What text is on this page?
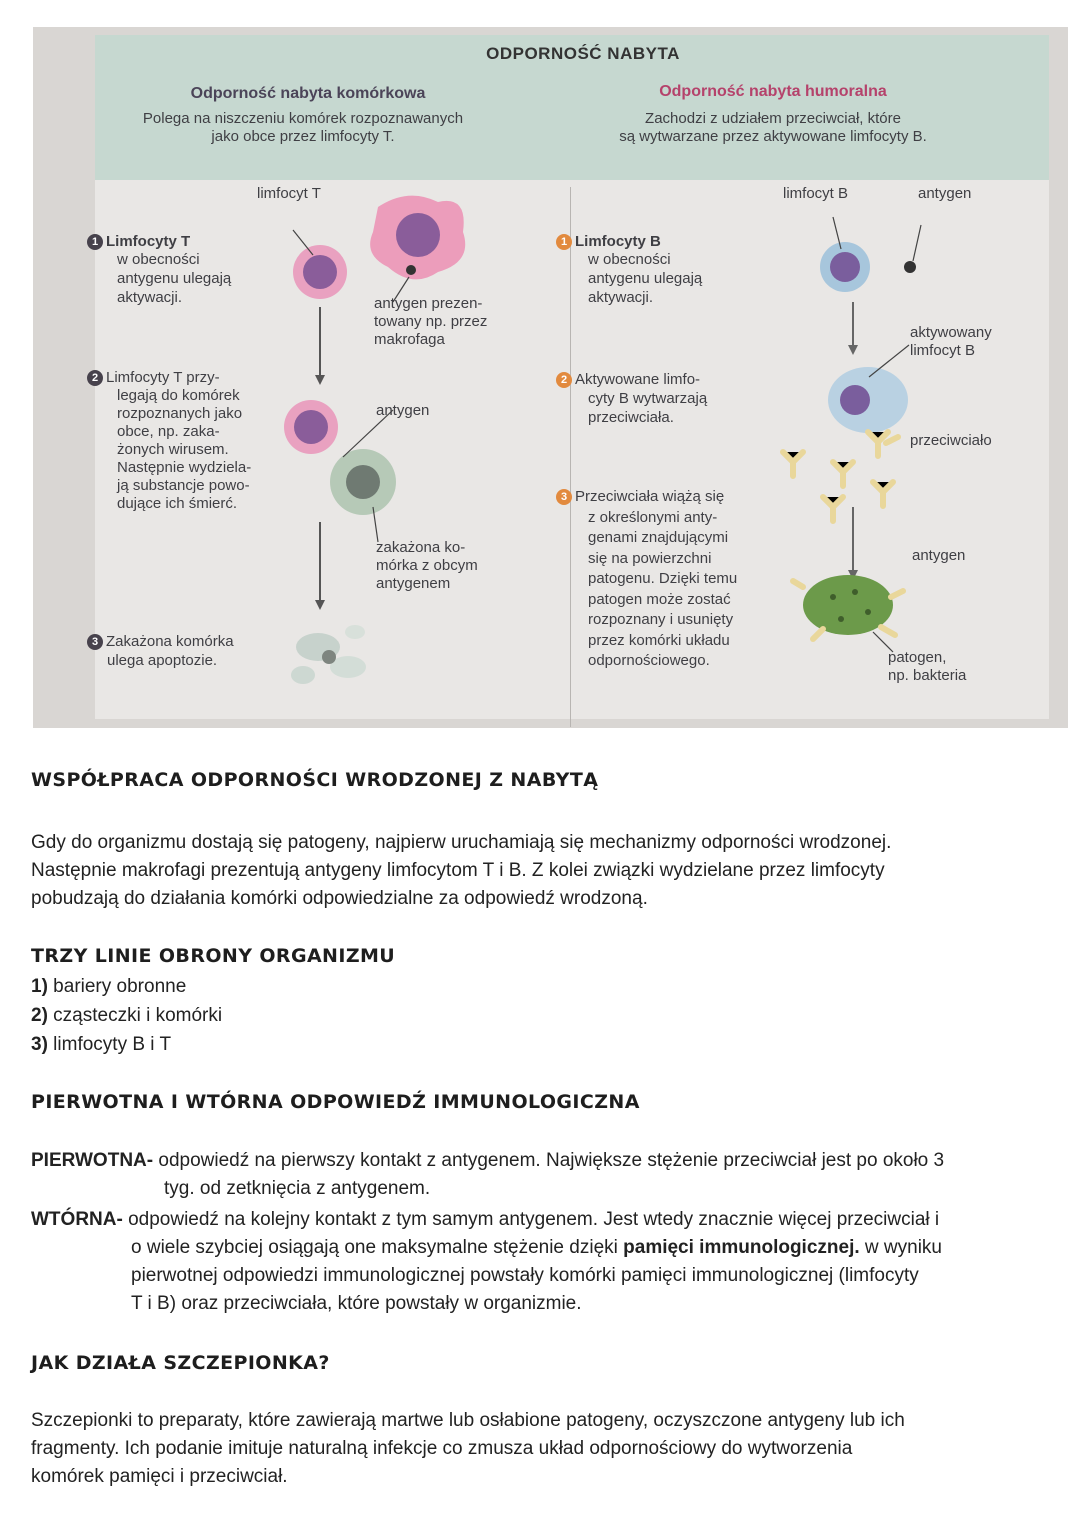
ODPORNOŚĆ NABYTA
Odporność nabyta komórkowa
Polega na niszczeniu komórek rozpoznawanych
jako obce przez limfocyty T.
limfocyt T
1 Limfocyty T
w obecności
antygenu ulegają
aktywacji.	antygen prezen-
towany np. przez
makrofaga
2 Limfocyty T przy-
legają do komórek
rozpoznanych jako
obce, np. zaka-
żonych wirusem.
Następnie wydziela-
ją substancje powo-
dujące ich śmierć.
antygen
zakażona ko-
mórka z obcym
antygenem
3 Zakażona komórka
ulega apoptozie.
Odporność nabyta humoralna
Zachodzi z udziałem przeciwciał, które
są wytwarzane przez aktywowane limfocyty B.
limfocyt B	antygen
1 Limfocyty B
w obecności
antygenu ulegają
aktywacji.
aktywowany
limfocyt B
2 Aktywowane limfo-
cyty B wytwarzają
przeciwciała.
przeciwciało
3 Przeciwciała wiążą się
z określonymi anty-
genami znajdującymi
się na powierzchni
patogenu. Dzięki temu
patogen może zostać
rozpoznany i usunięty
przez komórki układu
odpornościowego.
antygen
patogen,
np. bakteria
WSPÓŁPRACA ODPORNOŚCI WRODZONEJ Z NABYTĄ
Gdy do organizmu dostają się patogeny, najpierw uruchamiają się mechanizmy odporności wrodzonej.
Następnie makrofagi prezentują antygeny limfocytom T i B. Z kolei związki wydzielane przez limfocyty
pobudzają do działania komórki odpowiedzialne za odpowiedź wrodzoną.
TRZY LINIE OBRONY ORGANIZMU
1) bariery obronne
2) cząsteczki i komórki
3) limfocyty B i T
PIERWOTNA I WTÓRNA ODPOWIEDŹ IMMUNOLOGICZNA
PIERWOTNA- odpowiedź na pierwszy kontakt z antygenem. Największe stężenie przeciwciał jest po około 3
tyg. od zetknięcia z antygenem.
WTÓRNA- odpowiedź na kolejny kontakt z tym samym antygenem. Jest wtedy znacznie więcej przeciwciał i
o wiele szybciej osiągają one maksymalne stężenie dzięki pamięci immunologicznej. w wyniku
pierwotnej odpowiedzi immunologicznej powstały komórki pamięci immunologicznej (limfocyty
T i B) oraz przeciwciała, które powstały w organizmie.
JAK DZIAŁA SZCZEPIONKA?
Szczepionki to preparaty, które zawierają martwe lub osłabione patogeny, oczyszczone antygeny lub ich
fragmenty. Ich podanie imituje naturalną infekcje co zmusza układ odpornościowy do wytworzenia
komórek pamięci i przeciwciał.
